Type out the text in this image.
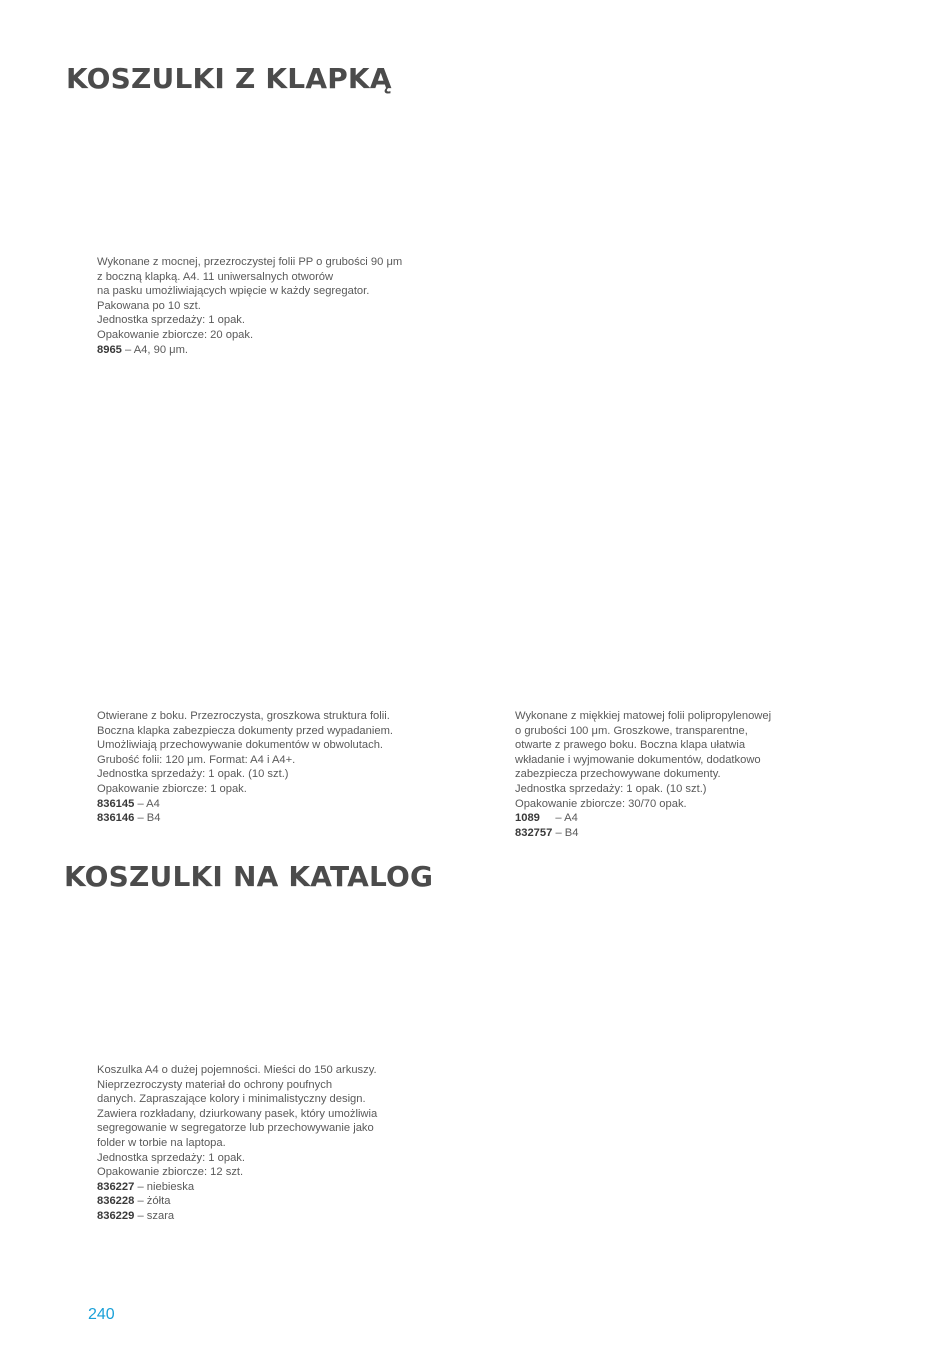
KOSZULKI Z KLAPKĄ
Wykonane z mocnej, przezroczystej folii PP o grubości 90 μm
z boczną klapką. A4. 11 uniwersalnych otworów
na pasku umożliwiających wpięcie w każdy segregator.
Pakowana po 10 szt.
Jednostka sprzedaży: 1 opak.
Opakowanie zbiorcze: 20 opak.
8965 – A4, 90 μm.
Otwierane z boku. Przezroczysta, groszkowa struktura folii.
Boczna klapka zabezpiecza dokumenty przed wypadaniem.
Umożliwiają przechowywanie dokumentów w obwolutach.
Grubość folii: 120 μm. Format: A4 i A4+.
Jednostka sprzedaży: 1 opak. (10 szt.)
Opakowanie zbiorcze: 1 opak.
836145 – A4
836146 – B4
Wykonane z miękkiej matowej folii polipropylenowej
o grubości 100 μm. Groszkowe, transparentne,
otwarte z prawego boku. Boczna klapa ułatwia
wkładanie i wyjmowanie dokumentów, dodatkowo
zabezpiecza przechowywane dokumenty.
Jednostka sprzedaży: 1 opak. (10 szt.)
Opakowanie zbiorcze: 30/70 opak.
1089     – A4
832757 – B4
KOSZULKI NA KATALOG
Koszulka A4 o dużej pojemności. Mieści do 150 arkuszy.
Nieprzezroczysty materiał do ochrony poufnych
danych. Zapraszające kolory i minimalistyczny design.
Zawiera rozkładany, dziurkowany pasek, który umożliwia
segregowanie w segregatorze lub przechowywanie jako
folder w torbie na laptopa.
Jednostka sprzedaży: 1 opak.
Opakowanie zbiorcze: 12 szt.
836227 – niebieska
836228 – żółta
836229 – szara
240
